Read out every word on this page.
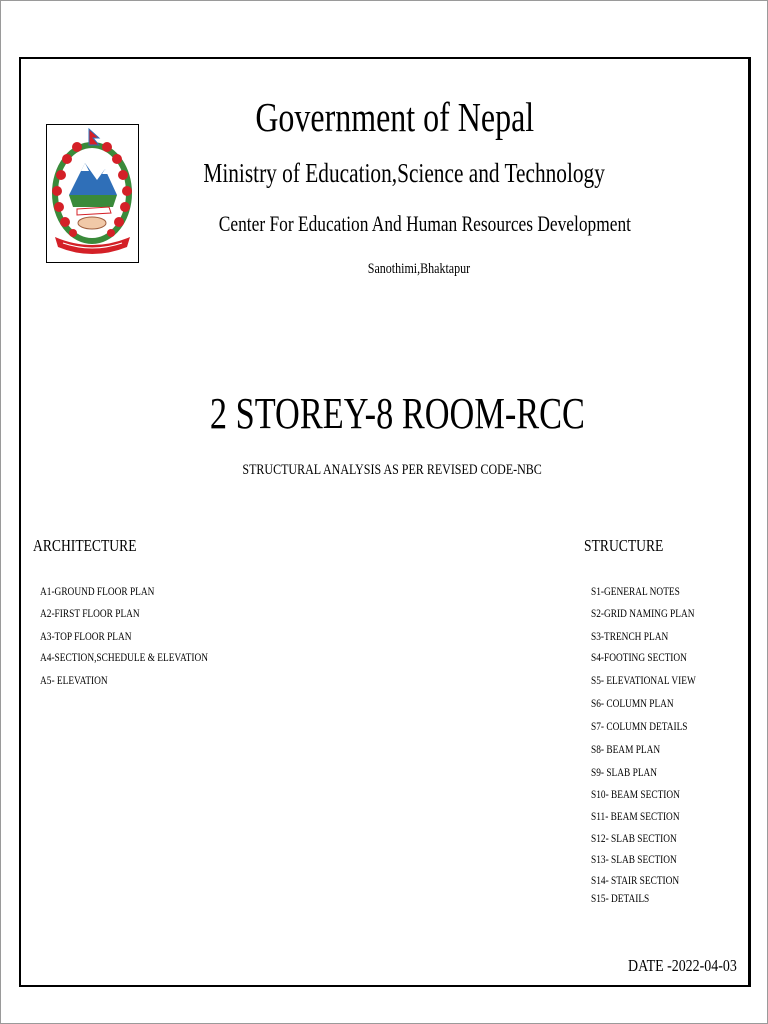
Government of Nepal
Ministry of Education,Science and Technology
Center For Education And Human Resources Development
Sanothimi,Bhaktapur
2 STOREY-8 ROOM-RCC
STRUCTURAL ANALYSIS AS PER REVISED CODE-NBC
ARCHITECTURE
A1-GROUND FLOOR PLAN
A2-FIRST FLOOR PLAN
A3-TOP FLOOR PLAN
A4-SECTION,SCHEDULE & ELEVATION
A5- ELEVATION
STRUCTURE
S1-GENERAL NOTES
S2-GRID NAMING PLAN
S3-TRENCH PLAN
S4-FOOTING SECTION
S5- ELEVATIONAL VIEW
S6- COLUMN PLAN
S7- COLUMN DETAILS
S8- BEAM PLAN
S9- SLAB PLAN
S10- BEAM SECTION
S11- BEAM SECTION
S12- SLAB SECTION
S13- SLAB SECTION
S14- STAIR SECTION
S15- DETAILS
DATE -2022-04-03
